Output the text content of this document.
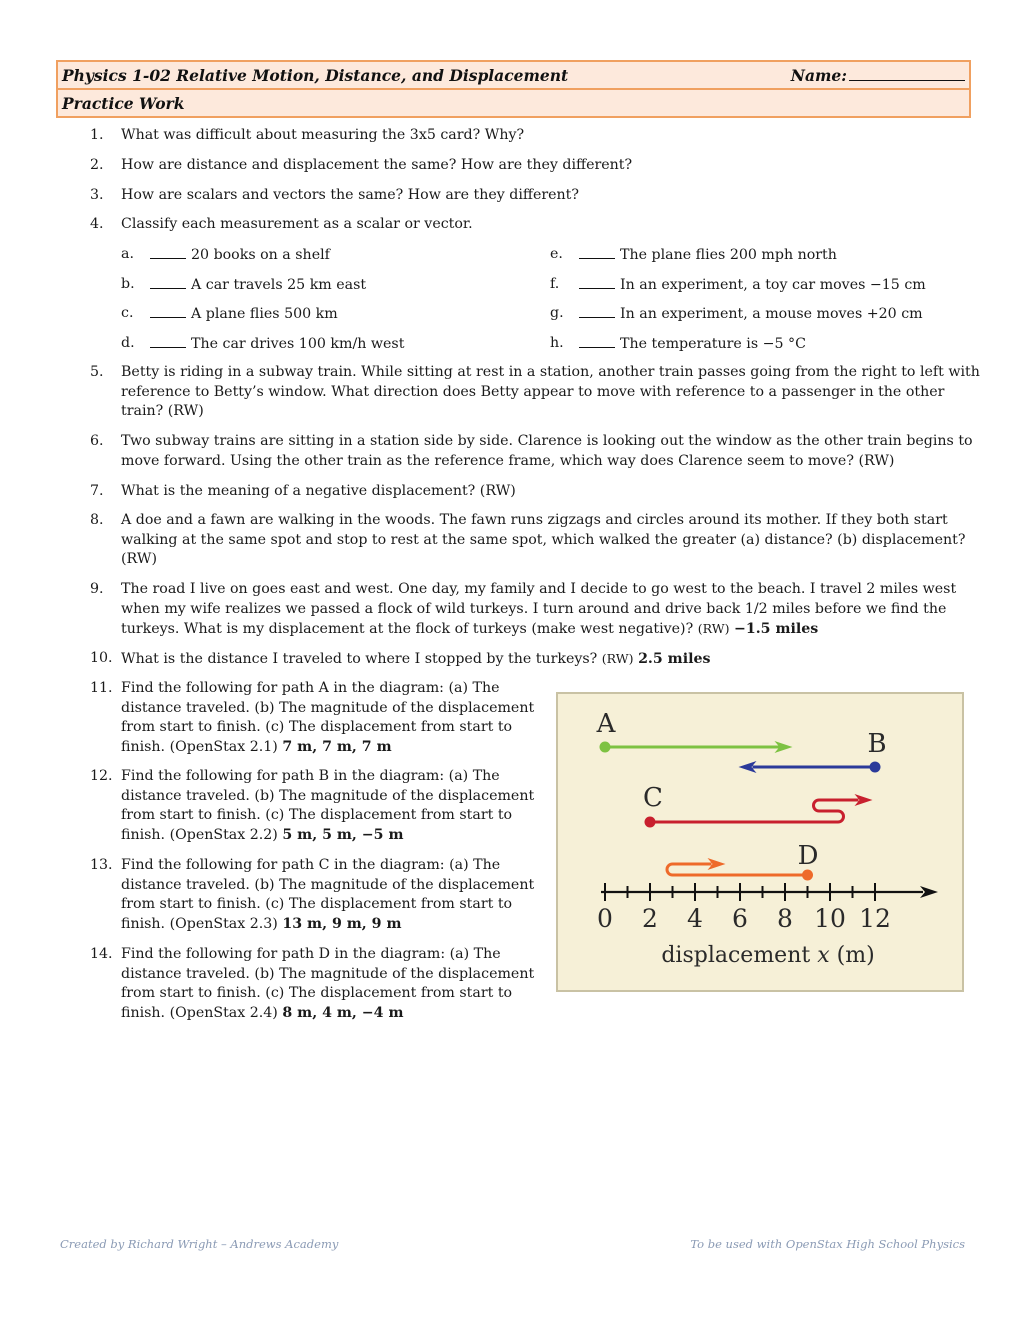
Physics 1-02 Relative Motion, Distance, and Displacement	Name:
Practice Work
1. What was difficult about measuring the 3x5 card? Why?
2. How are distance and displacement the same? How are they different?
3. How are scalars and vectors the same? How are they different?
4. Classify each measurement as a scalar or vector.
5. Betty is riding in a subway train. While sitting at rest in a station, another train passes going from the right to left with
reference to Betty’s window. What direction does Betty appear to move with reference to a passenger in the other
train? (RW)
6. Two subway trains are sitting in a station side by side. Clarence is looking out the window as the other train begins to
move forward. Using the other train as the reference frame, which way does Clarence seem to move? (RW)
7. What is the meaning of a negative displacement? (RW)
8. A doe and a fawn are walking in the woods. The fawn runs zigzags and circles around its mother. If they both start
walking at the same spot and stop to rest at the same spot, which walked the greater (a) distance? (b) displacement?
(RW)
9. The road I live on goes east and west. One day, my family and I decide to go west to the beach. I travel 2 miles west
when my wife realizes we passed a flock of wild turkeys. I turn around and drive back 1/2 miles before we find the
turkeys. What is my displacement at the flock of turkeys (make west negative)? (RW) −1.5 miles
10. What is the distance I traveled to where I stopped by the turkeys? (RW) 2.5 miles
11. Find the following for path A in the diagram: (a) The
distance traveled. (b) The magnitude of the displacement
from start to finish. (c) The displacement from start to
finish. (OpenStax 2.1) 7 m, 7 m, 7 m
12. Find the following for path B in the diagram: (a) The
distance traveled. (b) The magnitude of the displacement
from start to finish. (c) The displacement from start to
finish. (OpenStax 2.2) 5 m, 5 m, −5 m
13. Find the following for path C in the diagram: (a) The
distance traveled. (b) The magnitude of the displacement
from start to finish. (c) The displacement from start to
finish. (OpenStax 2.3) 13 m, 9 m, 9 m
14. Find the following for path D in the diagram: (a) The
distance traveled. (b) The magnitude of the displacement
from start to finish. (c) The displacement from start to
finish. (OpenStax 2.4) 8 m, 4 m, −4 m
a.	20 books on a shelf
b.	A car travels 25 km east
c.	A plane flies 500 km
d.	The car drives 100 km/h west
e.	The plane flies 200 mph north
f.	In an experiment, a toy car moves −15 cm
g.	In an experiment, a mouse moves +20 cm
h.	The temperature is −5 °C
A
B
C
D
0 2 4 6 8 10 12
displacement x (m)
Created by Richard Wright – Andrews Academy	To be used with OpenStax High School Physics
